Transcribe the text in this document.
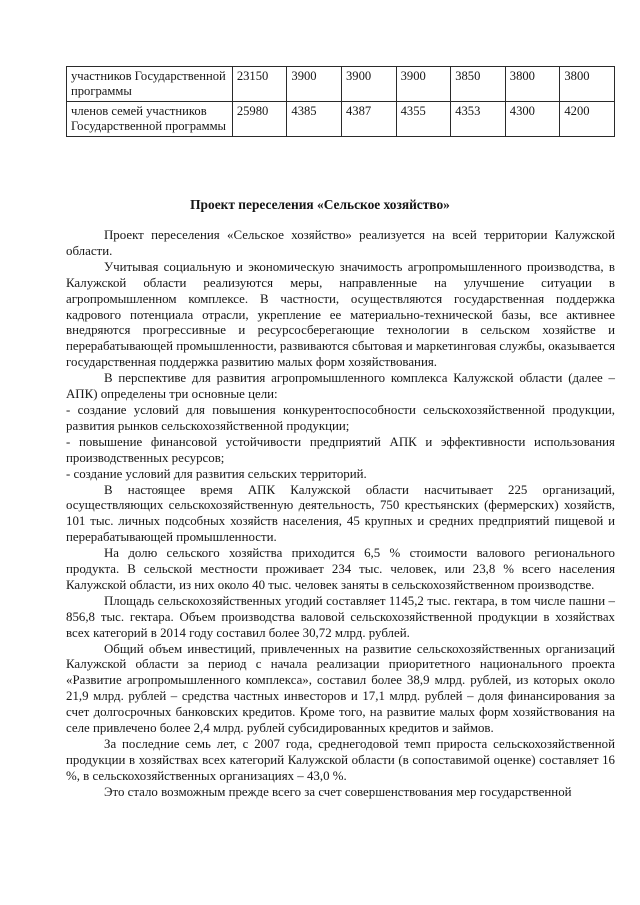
участников Государственной программы	23150	3900	3900	3900	3850	3800	3800
членов семей участников Государственной программы	25980	4385	4387	4355	4353	4300	4200
Проект переселения «Сельское хозяйство»

Проект переселения «Сельское хозяйство» реализуется на всей территории Калужской области.

Учитывая социальную и экономическую значимость агропромышленного производства, в Калужской области реализуются меры, направленные на улучшение ситуации в агропромышленном комплексе. В частности, осуществляются государственная поддержка кадрового потенциала отрасли, укрепление ее материально-технической базы, все активнее внедряются прогрессивные и ресурсосберегающие технологии в сельском хозяйстве и перерабатывающей промышленности, развиваются сбытовая и маркетинговая службы, оказывается государственная поддержка развитию малых форм хозяйствования.

В перспективе для развития агропромышленного комплекса Калужской области (далее – АПК) определены три основные цели:

- создание условий для повышения конкурентоспособности сельскохозяйственной продукции, развития рынков сельскохозяйственной продукции;

- повышение финансовой устойчивости предприятий АПК и эффективности использования производственных ресурсов;

- создание условий для развития сельских территорий.

В настоящее время АПК Калужской области насчитывает 225 организаций, осуществляющих сельскохозяйственную деятельность, 750 крестьянских (фермерских) хозяйств, 101 тыс. личных подсобных хозяйств населения, 45 крупных и средних предприятий пищевой и перерабатывающей промышленности.

На долю сельского хозяйства приходится 6,5 % стоимости валового регионального продукта. В сельской местности проживает 234 тыс. человек, или 23,8 % всего населения Калужской области, из них около 40 тыс. человек заняты в сельскохозяйственном производстве.

Площадь сельскохозяйственных угодий составляет 1145,2 тыс. гектара, в том числе пашни – 856,8 тыс. гектара. Объем производства валовой сельскохозяйственной продукции в хозяйствах всех категорий в 2014 году составил более 30,72 млрд. рублей.

Общий объем инвестиций, привлеченных на развитие сельскохозяйственных организаций Калужской области за период с начала реализации приоритетного национального проекта «Развитие агропромышленного комплекса», составил более 38,9 млрд. рублей, из которых около 21,9 млрд. рублей – средства частных инвесторов и 17,1 млрд. рублей – доля финансирования за счет долгосрочных банковских кредитов. Кроме того, на развитие малых форм хозяйствования на селе привлечено более 2,4 млрд. рублей субсидированных кредитов и займов.

За последние семь лет, с 2007 года, среднегодовой темп прироста сельскохозяйственной продукции в хозяйствах всех категорий Калужской области (в сопоставимой оценке) составляет 16 %, в сельскохозяйственных организациях – 43,0 %.

Это стало возможным прежде всего за счет совершенствования мер государственной
